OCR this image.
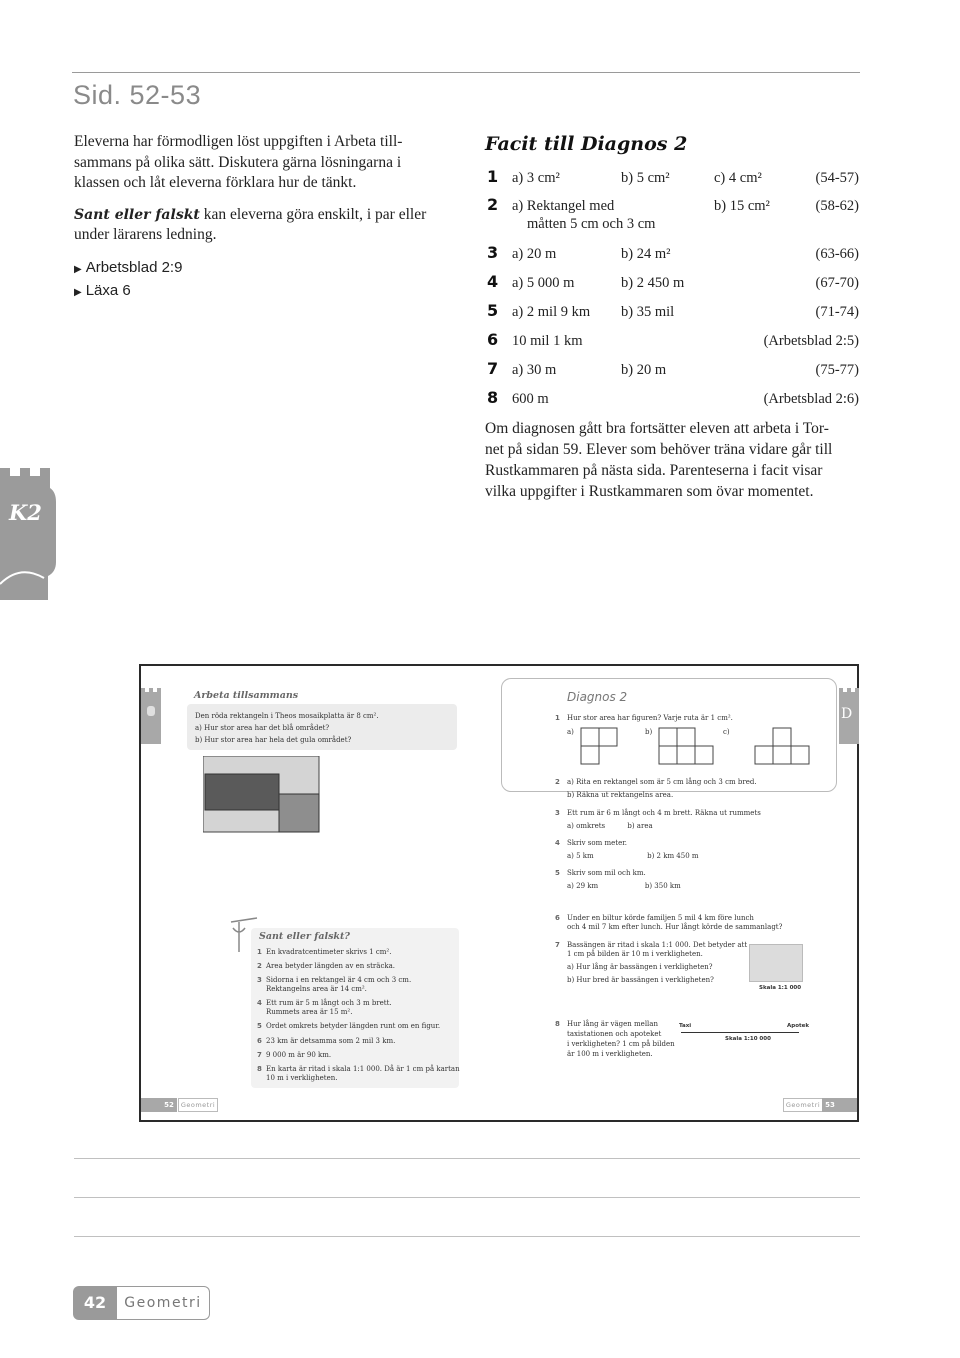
Sid. 52-53

Eleverna har förmodligen löst uppgiften i Arbeta till-
sammans på olika sätt. Diskutera gärna lösningarna i
klassen och låt eleverna förklara hur de tänkt.

Sant eller falskt kan eleverna göra enskilt, i par eller
under lärarens ledning.

▶ Arbetsblad 2:9
▶ Läxa 6
Facit till Diagnos 2
1 a) 3 cm²	b) 5 cm²	c) 4 cm²	(54-57)
2 a) Rektangel med
måtten 5 cm och 3 cm
b) 15 cm²	(58-62)
3 a) 20 m	b) 24 m²	(63-66)
4 a) 5 000 m	b) 2 450 m	(67-70)
5 a) 2 mil 9 km b) 35 mil	(71-74)
6 10 mil 1 km	(Arbetsblad 2:5)
7 a) 30 m	b) 20 m	(75-77)
8 600 m	(Arbetsblad 2:6)
Om diagnosen gått bra fortsätter eleven att arbeta i Tor-
net på sidan 59. Elever som behöver träna vidare går till
Rustkammaren på nästa sida. Parenteserna i facit visar
vilka uppgifter i Rustkammaren som övar momentet.
K2
Arbeta tillsammans
Den röda rektangeln i Theos mosaikplatta är 8 cm².
a) Hur stor area har det blå området?
b) Hur stor area har hela det gula området?
Sant eller falskt?
1 En kvadratcentimeter skrivs 1 cm².
2 Area betyder längden av en sträcka.
3 Sidorna i en rektangel är 4 cm och 3 cm.
Rektangelns area är 14 cm².
4 Ett rum är 5 m långt och 3 m brett.
Rummets area är 15 m².
5 Ordet omkrets betyder längden runt om en figur.
6 23 km är detsamma som 2 mil 3 km.
7 9 000 m är 90 km.
8 En karta är ritad i skala 1:1 000. Då är 1 cm på kartan
10 m i verkligheten.
52	Geometri
Diagnos 2
D
1 Hur stor area har figuren? Varje ruta är 1 cm².
a)	b)	c)
2 a) Rita en rektangel som är 5 cm lång och 3 cm bred.
b) Räkna ut rektangelns area.
3 Ett rum är 6 m långt och 4 m brett. Räkna ut rummets
a) omkrets          b) area
4 Skriv som meter.
a) 5 km                        b) 2 km 450 m
5 Skriv som mil och km.
a) 29 km                     b) 350 km
6 Under en biltur körde familjen 5 mil 4 km före lunch
och 4 mil 7 km efter lunch. Hur långt körde de sammanlagt?
7 Bassängen är ritad i skala 1:1 000. Det betyder att
1 cm på bilden är 10 m i verkligheten.
a) Hur lång är bassängen i verkligheten?
b) Hur bred är bassängen i verkligheten?
Skala 1:1 000
8 Hur lång är vägen mellan
taxistationen och apoteket
i verkligheten? 1 cm på bilden
är 100 m i verkligheten.
Taxi	Apotek
Skala 1:10 000
Geometri 53
42	Geometri
